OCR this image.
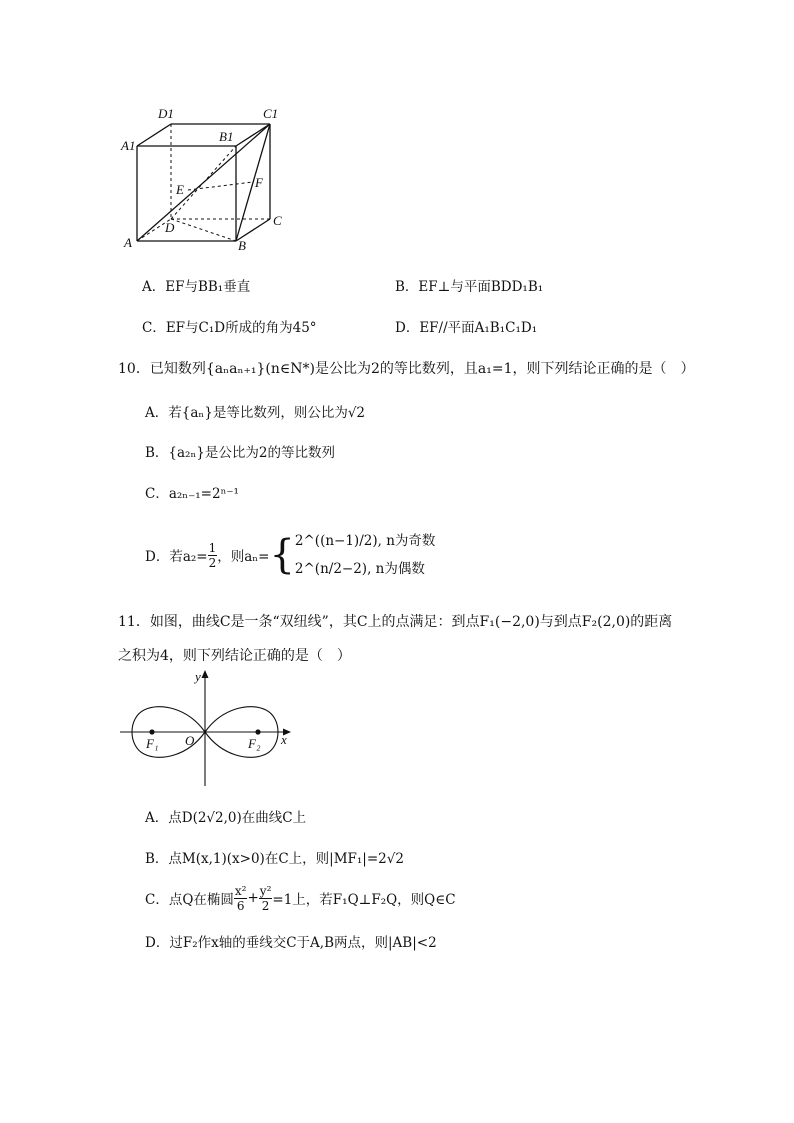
D1	C1
A1
B1
E	F
D	C
A	B
A．EF与BB₁垂直	B．EF⊥与平面BDD₁B₁
C．EF与C₁D所成的角为45°	D．EF//平面A₁B₁C₁D₁
10．已知数列{aₙaₙ₊₁}(n∈N*)是公比为2的等比数列，且a₁=1，则下列结论正确的是（　）
A．若{aₙ}是等比数列，则公比为√2
B．{a₂ₙ}是公比为2的等比数列
C．a₂ₙ₋₁=2ⁿ⁻¹
D．若$a_2= \frac{1}{2}$ ，则aₙ= { 2^((n−1)/2), n为奇数
2^(n/2−2), n为偶数
11．如图，曲线C是一条“双纽线”，其C上的点满足：到点F₁(−2,0)与到点F₂(2,0)的距离
之积为4，则下列结论正确的是（　）
y
x
O
F₁	F₂
A．点D(2√2,0)在曲线C上
B．点M(x,1)(x>0)在C上，则|MF₁|=2√2
C．点Q在椭圆 $\frac{\text{x²}}{6} + \frac{\text{y²}}{2} =1$上，若F₁Q⊥F₂Q，则Q∈C
D．过F₂作x轴的垂线交C于A,B两点，则|AB|<2
